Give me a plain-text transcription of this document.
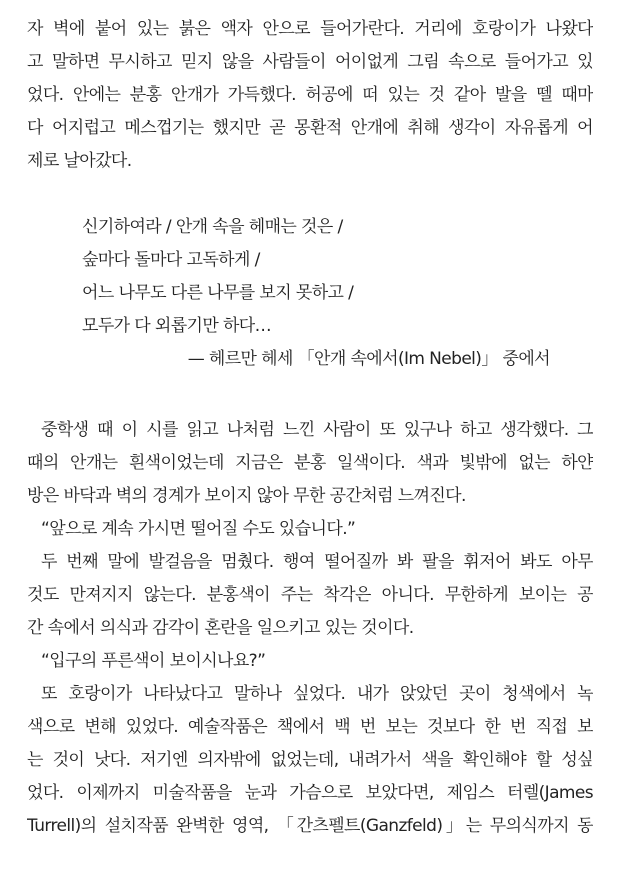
자 벽에 붙어 있는 붉은 액자 안으로 들어가란다. 거리에 호랑이가 나왔다
고 말하면 무시하고 믿지 않을 사람들이 어이없게 그림 속으로 들어가고 있
었다. 안에는 분홍 안개가 가득했다. 허공에 떠 있는 것 같아 발을 뗄 때마
다 어지럽고 메스껍기는 했지만 곧 몽환적 안개에 취해 생각이 자유롭게 어
제로 날아갔다.
신기하여라 / 안개 속을 헤매는 것은 /
숲마다 돌마다 고독하게 /
어느 나무도 다른 나무를 보지 못하고 /
모두가 다 외롭기만 하다…
— 헤르만 헤세 「안개 속에서(Im Nebel)」 중에서
중학생 때 이 시를 읽고 나처럼 느낀 사람이 또 있구나 하고 생각했다. 그
때의 안개는 흰색이었는데 지금은 분홍 일색이다. 색과 빛밖에 없는 하얀
방은 바닥과 벽의 경계가 보이지 않아 무한 공간처럼 느껴진다.
“앞으로 계속 가시면 떨어질 수도 있습니다.”
두 번째 말에 발걸음을 멈췄다. 행여 떨어질까 봐 팔을 휘저어 봐도 아무
것도 만져지지 않는다. 분홍색이 주는 착각은 아니다. 무한하게 보이는 공
간 속에서 의식과 감각이 혼란을 일으키고 있는 것이다.
“입구의 푸른색이 보이시나요?”
또 호랑이가 나타났다고 말하나 싶었다. 내가 앉았던 곳이 청색에서 녹
색으로 변해 있었다. 예술작품은 책에서 백 번 보는 것보다 한 번 직접 보
는 것이 낫다. 저기엔 의자밖에 없었는데, 내려가서 색을 확인해야 할 성싶
었다. 이제까지 미술작품을 눈과 가슴으로 보았다면, 제임스 터렐(James
Turrell)의 설치작품 완벽한 영역, 「간츠펠트(Ganzfeld)」는 무의식까지 동
